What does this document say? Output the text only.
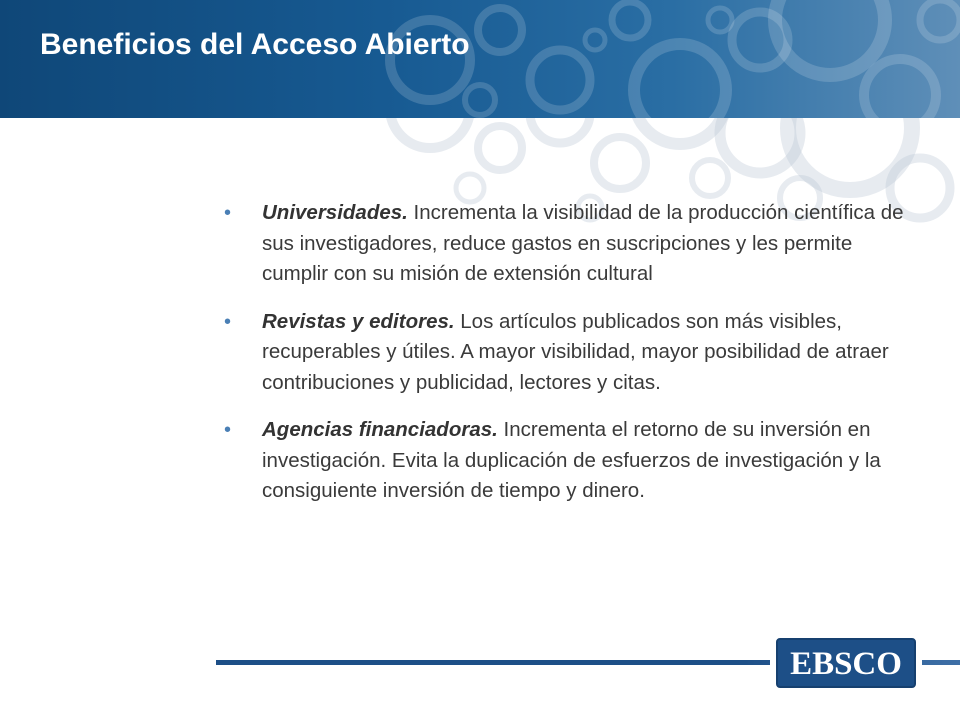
Beneficios del Acceso Abierto
• Universidades. Incrementa la visibilidad de la producción científica de sus investigadores, reduce gastos en suscripciones y les permite cumplir con su misión de extensión cultural
• Revistas y editores. Los artículos publicados son más visibles, recuperables y útiles. A mayor visibilidad, mayor posibilidad de atraer contribuciones y publicidad, lectores y citas.
• Agencias financiadoras. Incrementa el retorno de su inversión en investigación. Evita la duplicación de esfuerzos de investigación y la consiguiente inversión de tiempo y dinero.
EBSCO
